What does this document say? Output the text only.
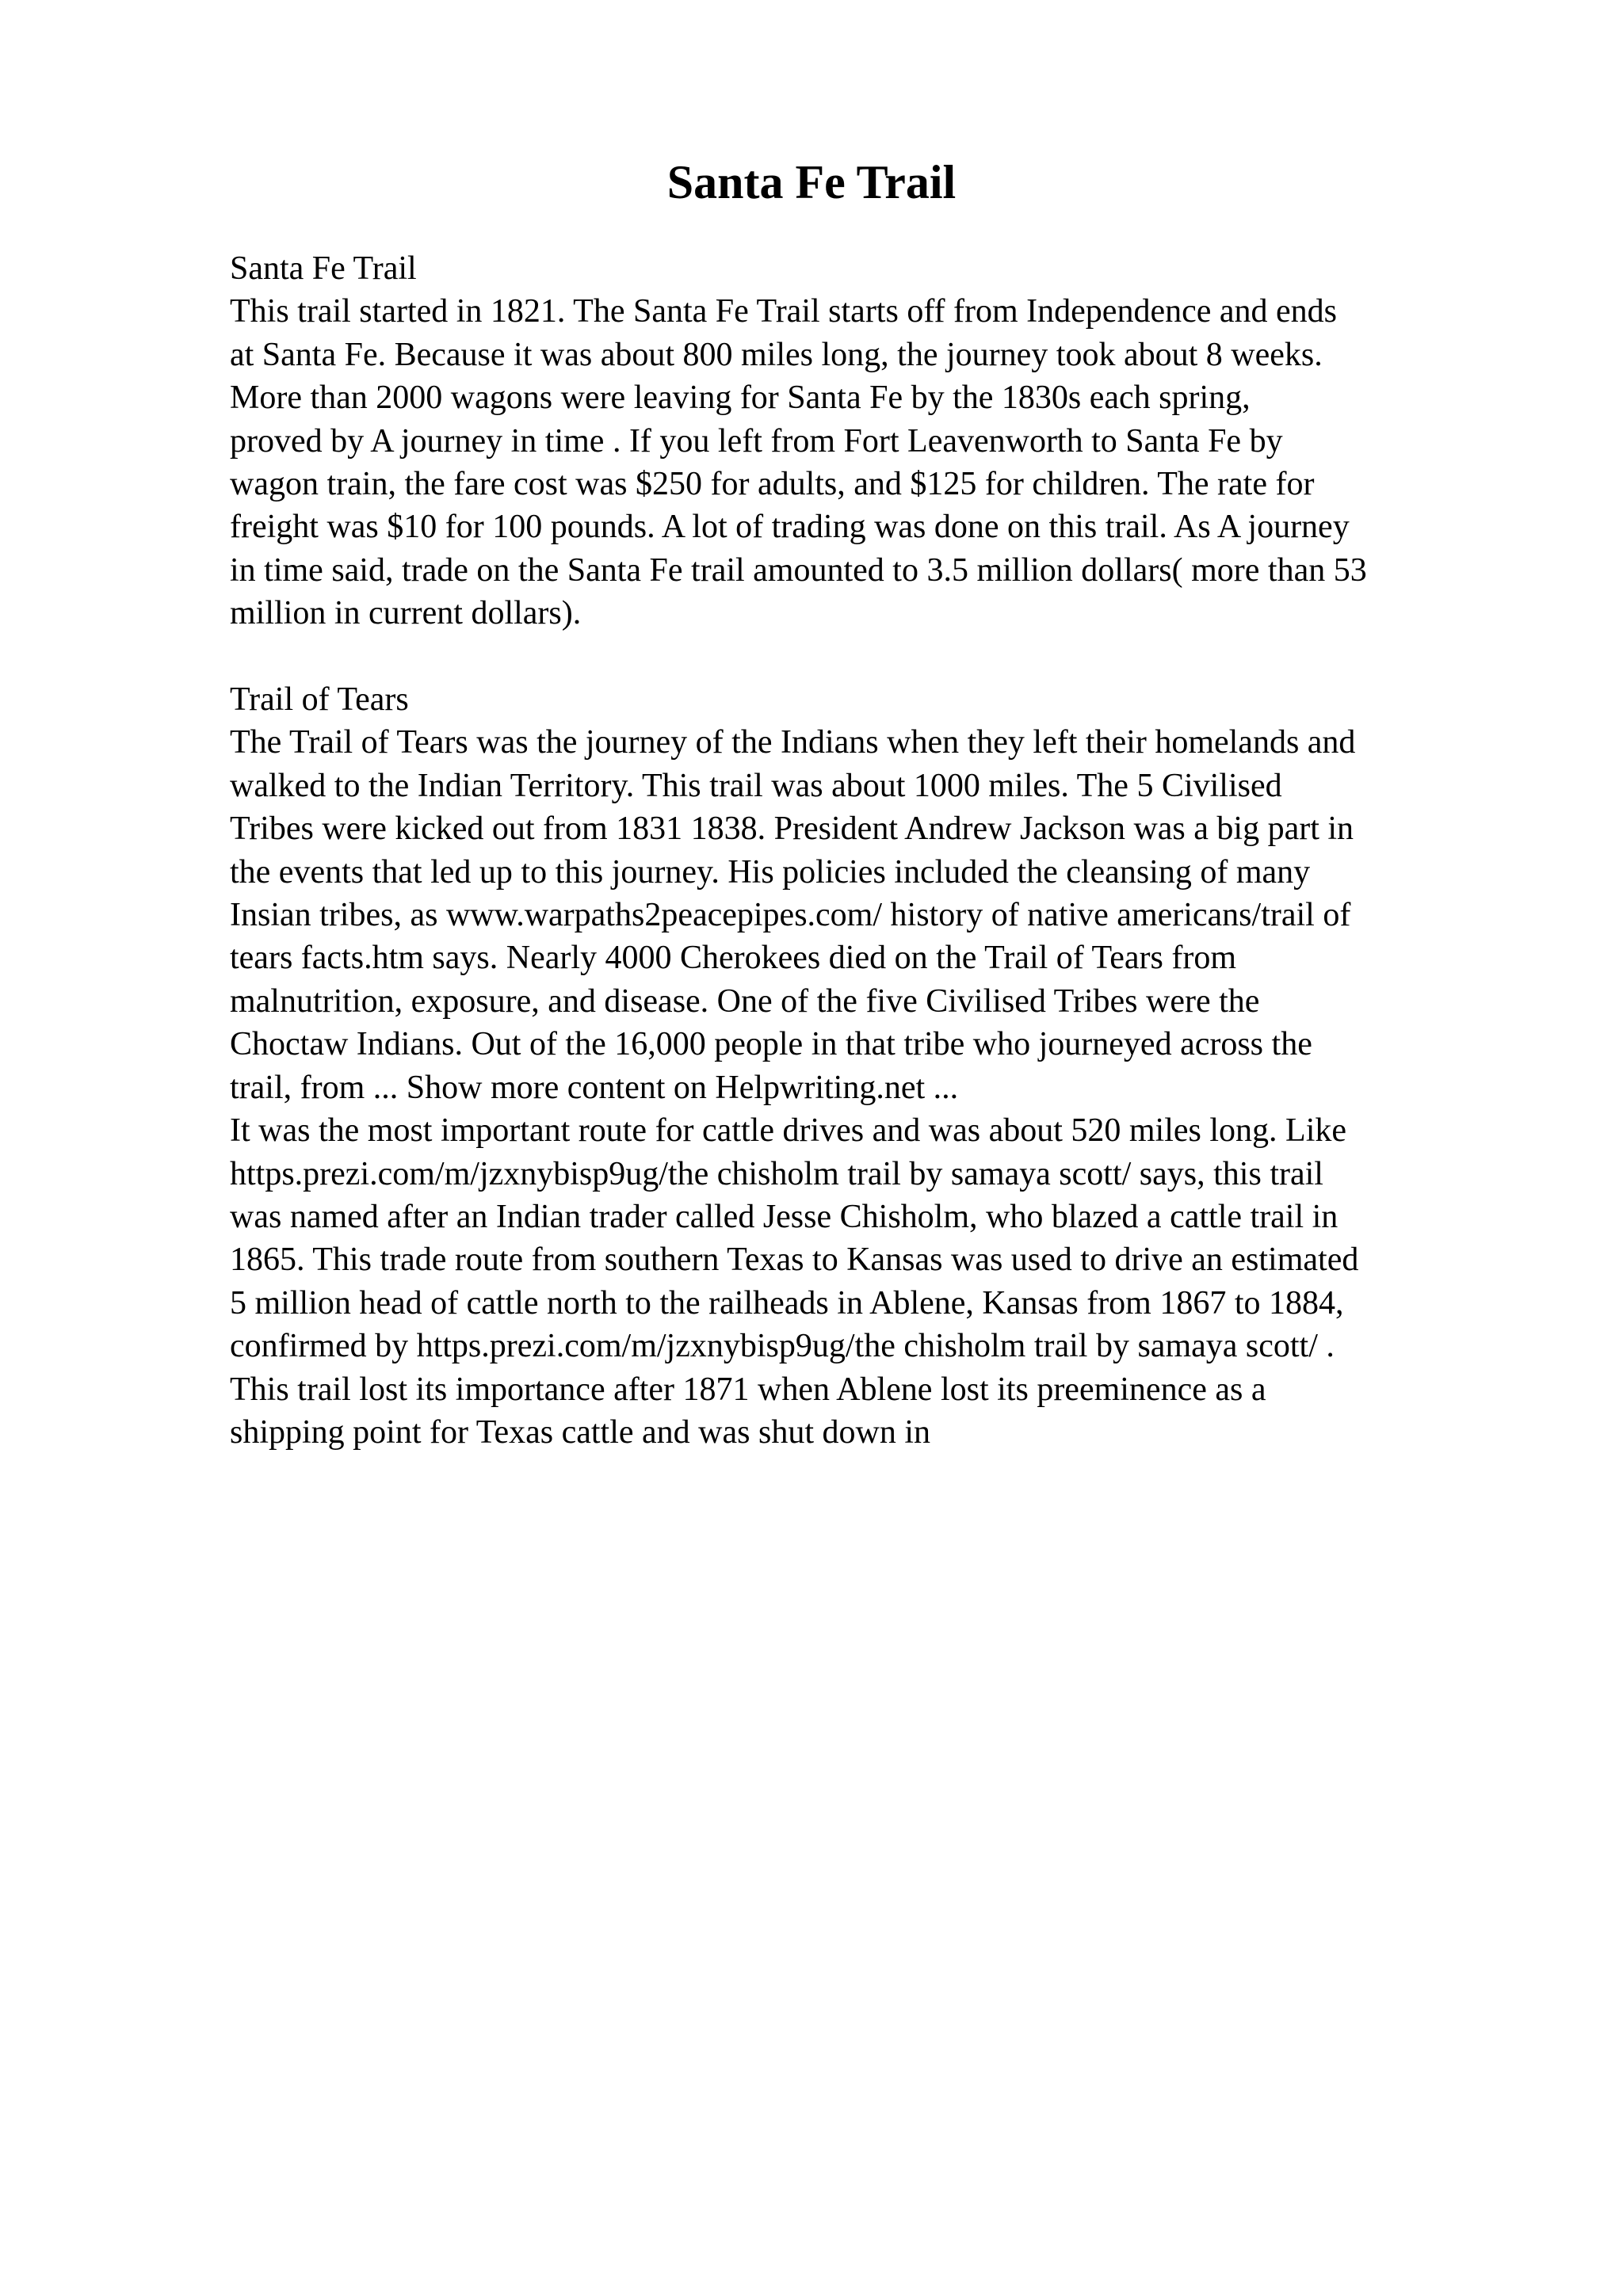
Santa Fe Trail
Santa Fe Trail
This trail started in 1821. The Santa Fe Trail starts off from Independence and ends
at Santa Fe. Because it was about 800 miles long, the journey took about 8 weeks.
More than 2000 wagons were leaving for Santa Fe by the 1830s each spring,
proved by A journey in time . If you left from Fort Leavenworth to Santa Fe by
wagon train, the fare cost was $250 for adults, and $125 for children. The rate for
freight was $10 for 100 pounds. A lot of trading was done on this trail. As A journey
in time said, trade on the Santa Fe trail amounted to 3.5 million dollars( more than 53
million in current dollars).
Trail of Tears
The Trail of Tears was the journey of the Indians when they left their homelands and
walked to the Indian Territory. This trail was about 1000 miles. The 5 Civilised
Tribes were kicked out from 1831 1838. President Andrew Jackson was a big part in
the events that led up to this journey. His policies included the cleansing of many
Insian tribes, as www.warpaths2peacepipes.com/ history of native americans/trail of
tears facts.htm says. Nearly 4000 Cherokees died on the Trail of Tears from
malnutrition, exposure, and disease. One of the five Civilised Tribes were the
Choctaw Indians. Out of the 16,000 people in that tribe who journeyed across the
trail, from ... Show more content on Helpwriting.net ...
It was the most important route for cattle drives and was about 520 miles long. Like
https.prezi.com/m/jzxnybisp9ug/the chisholm trail by samaya scott/ says, this trail
was named after an Indian trader called Jesse Chisholm, who blazed a cattle trail in
1865. This trade route from southern Texas to Kansas was used to drive an estimated
5 million head of cattle north to the railheads in Ablene, Kansas from 1867 to 1884,
confirmed by https.prezi.com/m/jzxnybisp9ug/the chisholm trail by samaya scott/ .
This trail lost its importance after 1871 when Ablene lost its preeminence as a
shipping point for Texas cattle and was shut down in
